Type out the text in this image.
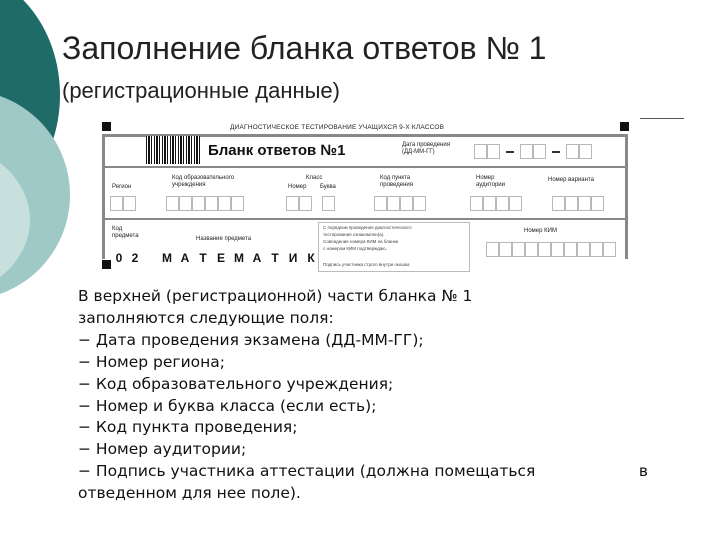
Заполнение бланка ответов № 1
(регистрационные данные)
ДИАГНОСТИЧЕСКОЕ ТЕСТИРОВАНИЕ УЧАЩИХСЯ 9-Х КЛАССОВ
Бланк ответов №1	Дата проведения
(ДД-ММ-ГГ)
Регион
Код образовательного
учреждения
Класс
Номер Буква
Код пункта
проведения
Номер
аудитории
Номер варианта
Код
предмета	Название предмета
Номер КИМ
С порядком проведения диагностического
тестирования ознакомлен(а).
Совпадение номера КИМ на бланке
с номером КИМ подтверждаю.
Подпись участника строго внутри окошка
0 2	М А Т Е М А Т И К
В верхней (регистрационной) части бланка № 1
заполняются следующие поля:
− Дата проведения экзамена (ДД-ММ-ГГ);
− Номер региона;
− Код образовательного учреждения;
− Номер и буква класса (если есть);
− Код пункта проведения;
− Номер аудитории;
− Подпись участника аттестации (должна помещаться	в
отведенном для нее поле).
